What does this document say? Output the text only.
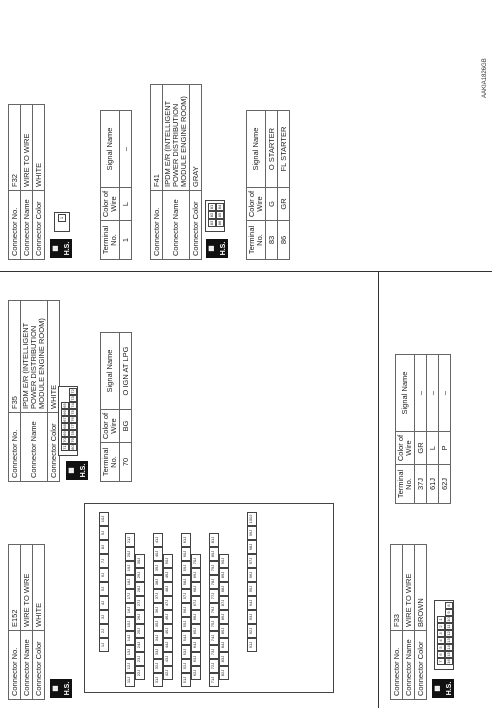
Connector No.	E152
Connector Name	WIRE TO WIRE
Connector Color	WHITE
▦ H.S.
1J
2J
3J
4J
5J
6J
7J
8J
9J
10J
11J
12J
13J
14J
15J
16J
17J
18J
19J
20J
21J
22J
23J
24J
25J
26J
27J
28J
29J
30J
31J
32J
33J
34J
35J
36J
37J
38J
39J
40J
41J
42J
43J
44J
45J
46J
47J
48J
49J
50J
51J
52J
53J
54J
55J
56J
57J
58J
59J
60J
61J
62J
63J
64J
65J
66J
67J
68J
69J
70J
71J
72J
73J
74J
75J
76J
77J
78J
79J
80J
81J
82J
83J
84J
85J
86J
87J
88J
89J
90J
91J
92J
93J
94J
95J
96J
97J
98J
99J
100J
Terminal No.	Color of Wire	Signal Name
37J	GR	–
61J	L	–
62J	P	–
Connector No.	F32
Connector Name	WIRE TO WIRE
Connector Color	WHITE
▦ H.S.
1
Terminal No.	Color of Wire	Signal Name
1	L	–
Connector No.	F33
Connector Name	WIRE TO WIRE
Connector Color	BROWN
▦ H.S.
7
6
5
4
3
2
1
16
15
14
13
12
11
10
9
8
Connector No.	F35
Connector Name	IPDM E/R (INTELLIGENT POWER DISTRIBUTION MODULE ENGINE ROOM)
Connector Color	WHITE
▦ H.S.
71
70
69
68
67
66
65
80
79
78
77
76
75
74
73
72
Terminal No.	Color of Wire	Signal Name
70	BG	O IGN AT LPG
Connector No.	F41
Connector Name	IPDM E/R (INTELLIGENT POWER DISTRIBUTION MODULE ENGINE ROOM)
Connector Color	GRAY
▦ H.S.
83
82
81
86
85
84
Terminal No.	Color of Wire	Signal Name
83	G	O STARTER
86	GR	FL STARTER
AAKIA1826GB
